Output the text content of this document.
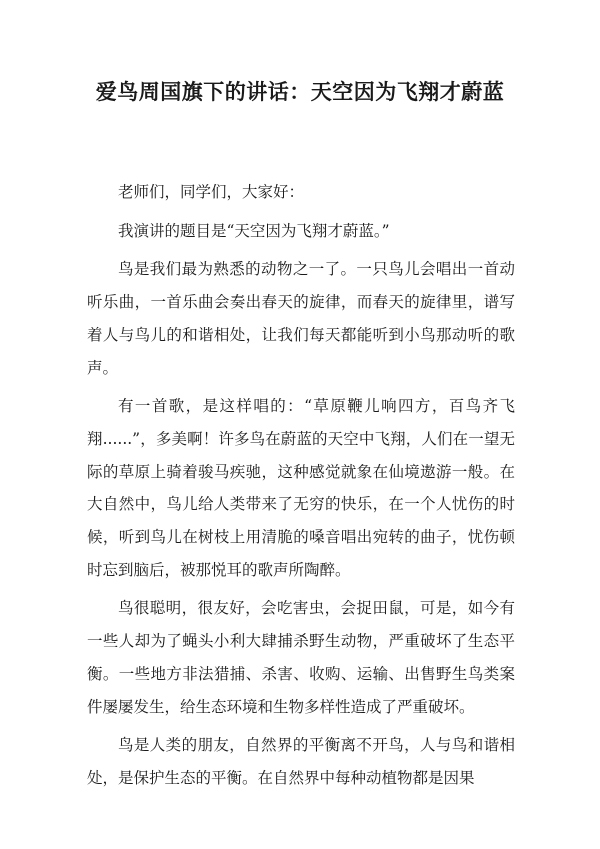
爱鸟周国旗下的讲话：天空因为飞翔才蔚蓝

老师们，同学们，大家好：

我演讲的题目是“天空因为飞翔才蔚蓝。”

鸟是我们最为熟悉的动物之一了。一只鸟儿会唱出一首动听乐曲，一首乐曲会奏出春天的旋律，而春天的旋律里，谱写着人与鸟儿的和谐相处，让我们每天都能听到小鸟那动听的歌声。

有一首歌，是这样唱的：“草原鞭儿响四方，百鸟齐飞翔......”，多美啊！许多鸟在蔚蓝的天空中飞翔，人们在一望无际的草原上骑着骏马疾驰，这种感觉就象在仙境遨游一般。在大自然中，鸟儿给人类带来了无穷的快乐，在一个人忧伤的时候，听到鸟儿在树枝上用清脆的嗓音唱出宛转的曲子，忧伤顿时忘到脑后，被那悦耳的歌声所陶醉。

鸟很聪明，很友好，会吃害虫，会捉田鼠，可是，如今有一些人却为了蝇头小利大肆捕杀野生动物，严重破坏了生态平衡。一些地方非法猎捕、杀害、收购、运输、出售野生鸟类案件屡屡发生，给生态环境和生物多样性造成了严重破坏。

鸟是人类的朋友，自然界的平衡离不开鸟，人与鸟和谐相处，是保护生态的平衡。在自然界中每种动植物都是因果
